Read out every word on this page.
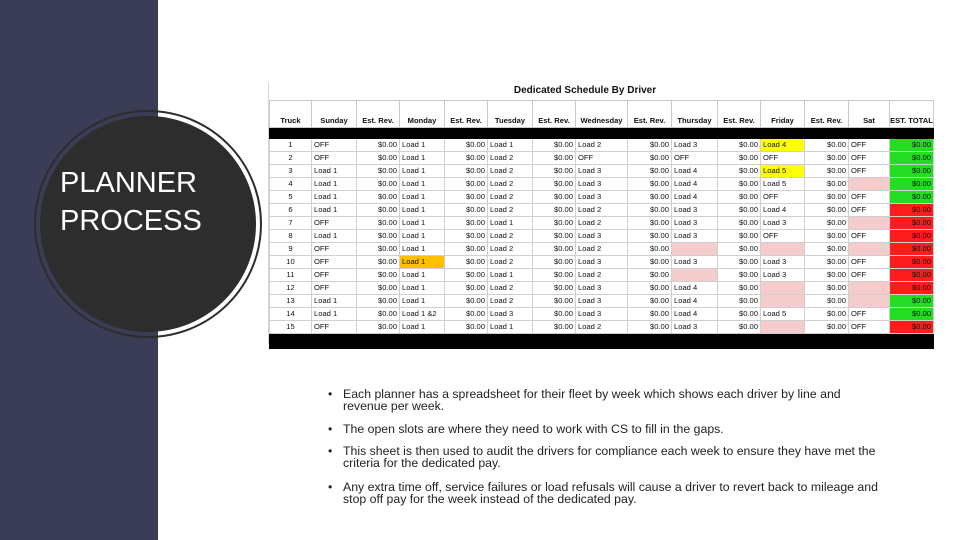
PLANNER
PROCESS
Dedicated Schedule By Driver
Truck	Sunday	Est. Rev.	Monday	Est. Rev.	Tuesday	Est. Rev.	Wednesday	Est. Rev.	Thursday	Est. Rev.	Friday	Est. Rev.	Sat	EST. TOTAL

1	OFF	$0.00	Load 1	$0.00	Load 1	$0.00	Load 2	$0.00	Load 3	$0.00	Load 4	$0.00	OFF	$0.00
2	OFF	$0.00	Load 1	$0.00	Load 2	$0.00	OFF	$0.00	OFF	$0.00	OFF	$0.00	OFF	$0.00
3	Load 1	$0.00	Load 1	$0.00	Load 2	$0.00	Load 3	$0.00	Load 4	$0.00	Load 5	$0.00	OFF	$0.00
4	Load 1	$0.00	Load 1	$0.00	Load 2	$0.00	Load 3	$0.00	Load 4	$0.00	Load 5	$0.00		$0.00
5	Load 1	$0.00	Load 1	$0.00	Load 2	$0.00	Load 3	$0.00	Load 4	$0.00	OFF	$0.00	OFF	$0.00
6	Load 1	$0.00	Load 1	$0.00	Load 2	$0.00	Load 2	$0.00	Load 3	$0.00	Load 4	$0.00	OFF	$0.00
7	OFF	$0.00	Load 1	$0.00	Load 1	$0.00	Load 2	$0.00	Load 3	$0.00	Load 3	$0.00		$0.00
8	Load 1	$0.00	Load 1	$0.00	Load 2	$0.00	Load 3	$0.00	Load 3	$0.00	OFF	$0.00	OFF	$0.00
9	OFF	$0.00	Load 1	$0.00	Load 2	$0.00	Load 2	$0.00		$0.00		$0.00		$0.00
10	OFF	$0.00	Load 1	$0.00	Load 2	$0.00	Load 3	$0.00	Load 3	$0.00	Load 3	$0.00	OFF	$0.00
11	OFF	$0.00	Load 1	$0.00	Load 1	$0.00	Load 2	$0.00		$0.00	Load 3	$0.00	OFF	$0.00
12	OFF	$0.00	Load 1	$0.00	Load 2	$0.00	Load 3	$0.00	Load 4	$0.00		$0.00		$0.00
13	Load 1	$0.00	Load 1	$0.00	Load 2	$0.00	Load 3	$0.00	Load 4	$0.00		$0.00		$0.00
14	Load 1	$0.00	Load 1 &2	$0.00	Load 3	$0.00	Load 3	$0.00	Load 4	$0.00	Load 5	$0.00	OFF	$0.00
15	OFF	$0.00	Load 1	$0.00	Load 1	$0.00	Load 2	$0.00	Load 3	$0.00		$0.00	OFF	$0.00

• Each planner has a spreadsheet for their fleet by week which shows each driver by line and revenue per week.
• The open slots are where they need to work with CS to fill in the gaps.
• This sheet is then used to audit the drivers for compliance each week to ensure they have met the criteria for the dedicated pay.
• Any extra time off, service failures or load refusals will cause a driver to revert back to mileage and stop off pay for the week instead of the dedicated pay.
